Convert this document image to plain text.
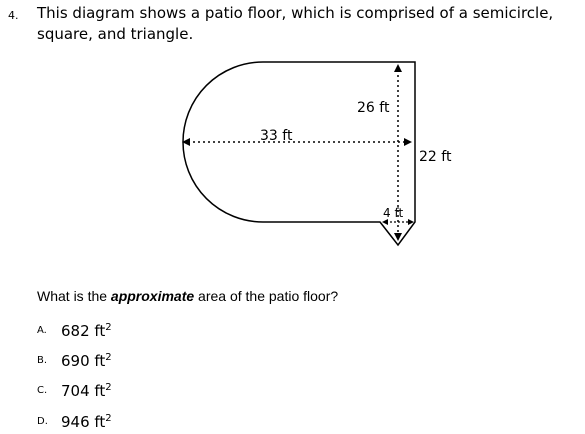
4. This diagram shows a patio floor, which is comprised of a semicircle, square, and triangle.
33 ft
26 ft
22 ft
4 ft
What is the approximate area of the patio floor?
A. 682 $ft^2$
B. 690 $ft^2$
C. 704 $ft^2$
D. 946 $ft^2$
